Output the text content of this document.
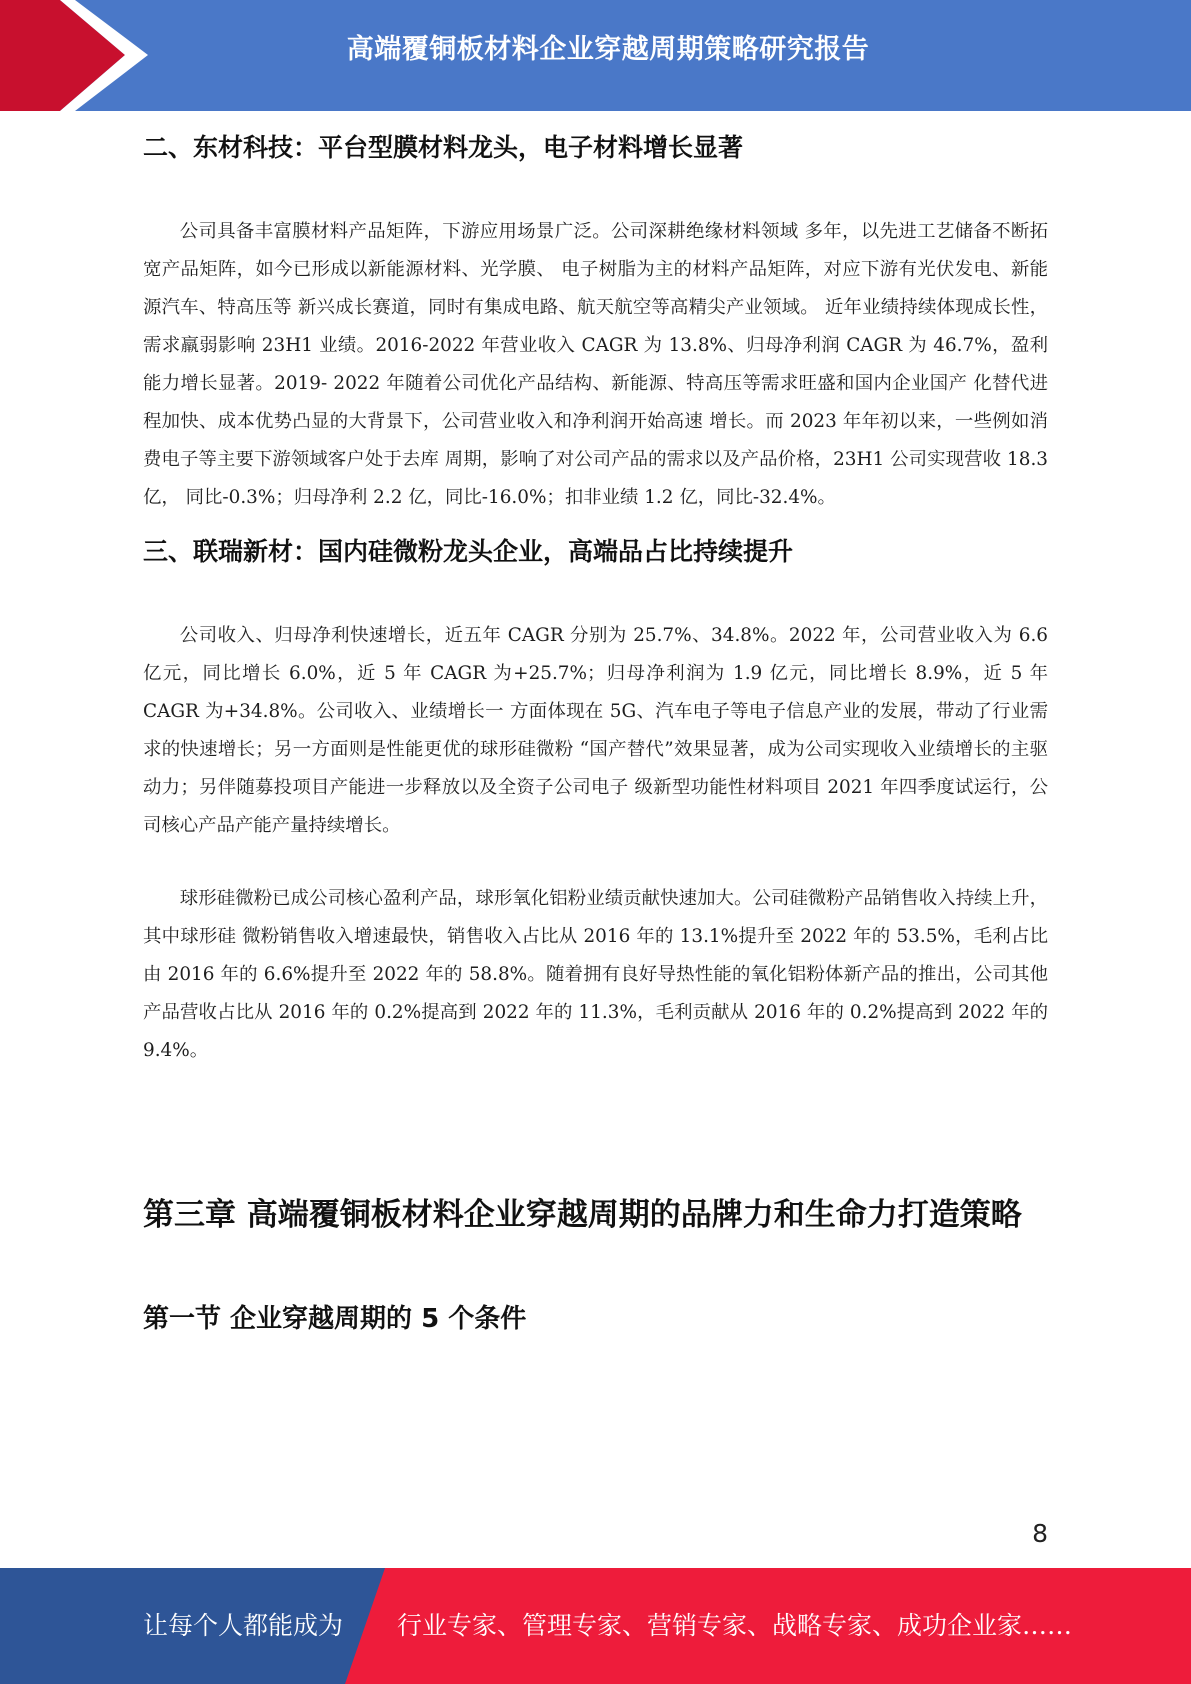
高端覆铜板材料企业穿越周期策略研究报告
二、东材科技：平台型膜材料龙头，电子材料增长显著

公司具备丰富膜材料产品矩阵，下游应用场景广泛。公司深耕绝缘材料领域 多年，以先进工艺储备不断拓宽产品矩阵，如今已形成以新能源材料、光学膜、 电子树脂为主的材料产品矩阵，对应下游有光伏发电、新能源汽车、特高压等 新兴成长赛道，同时有集成电路、航天航空等高精尖产业领域。 近年业绩持续体现成长性，需求羸弱影响 23H1 业绩。2016-2022 年营业收入 CAGR 为 13.8%、归母净利润 CAGR 为 46.7%，盈利能力增长显著。2019- 2022 年随着公司优化产品结构、新能源、特高压等需求旺盛和国内企业国产 化替代进程加快、成本优势凸显的大背景下，公司营业收入和净利润开始高速 增长。而 2023 年年初以来，一些例如消费电子等主要下游领域客户处于去库 周期，影响了对公司产品的需求以及产品价格，23H1 公司实现营收 18.3 亿， 同比-0.3%；归母净利 2.2 亿，同比-16.0%；扣非业绩 1.2 亿，同比-32.4%。

三、联瑞新材：国内硅微粉龙头企业，高端品占比持续提升

公司收入、归母净利快速增长，近五年 CAGR 分别为 25.7%、34.8%。2022 年，公司营业收入为 6.6 亿元，同比增长 6.0%，近 5 年 CAGR 为+25.7%；归母净利润为 1.9 亿元，同比增长 8.9%，近 5 年 CAGR 为+34.8%。公司收入、业绩增长一 方面体现在 5G、汽车电子等电子信息产业的发展，带动了行业需求的快速增长；另一方面则是性能更优的球形硅微粉 “国产替代”效果显著，成为公司实现收入业绩增长的主驱动力；另伴随募投项目产能进一步释放以及全资子公司电子 级新型功能性材料项目 2021 年四季度试运行，公司核心产品产能产量持续增长。

球形硅微粉已成公司核心盈利产品，球形氧化铝粉业绩贡献快速加大。公司硅微粉产品销售收入持续上升，其中球形硅 微粉销售收入增速最快，销售收入占比从 2016 年的 13.1%提升至 2022 年的 53.5%，毛利占比由 2016 年的 6.6%提升至 2022 年的 58.8%。随着拥有良好导热性能的氧化铝粉体新产品的推出，公司其他产品营收占比从 2016 年的 0.2%提高到 2022 年的 11.3%，毛利贡献从 2016 年的 0.2%提高到 2022 年的 9.4%。

第三章 高端覆铜板材料企业穿越周期的品牌力和生命力打造策略
第一节 企业穿越周期的 5 个条件
8
让每个人都能成为 行业专家、管理专家、营销专家、战略专家、成功企业家……
